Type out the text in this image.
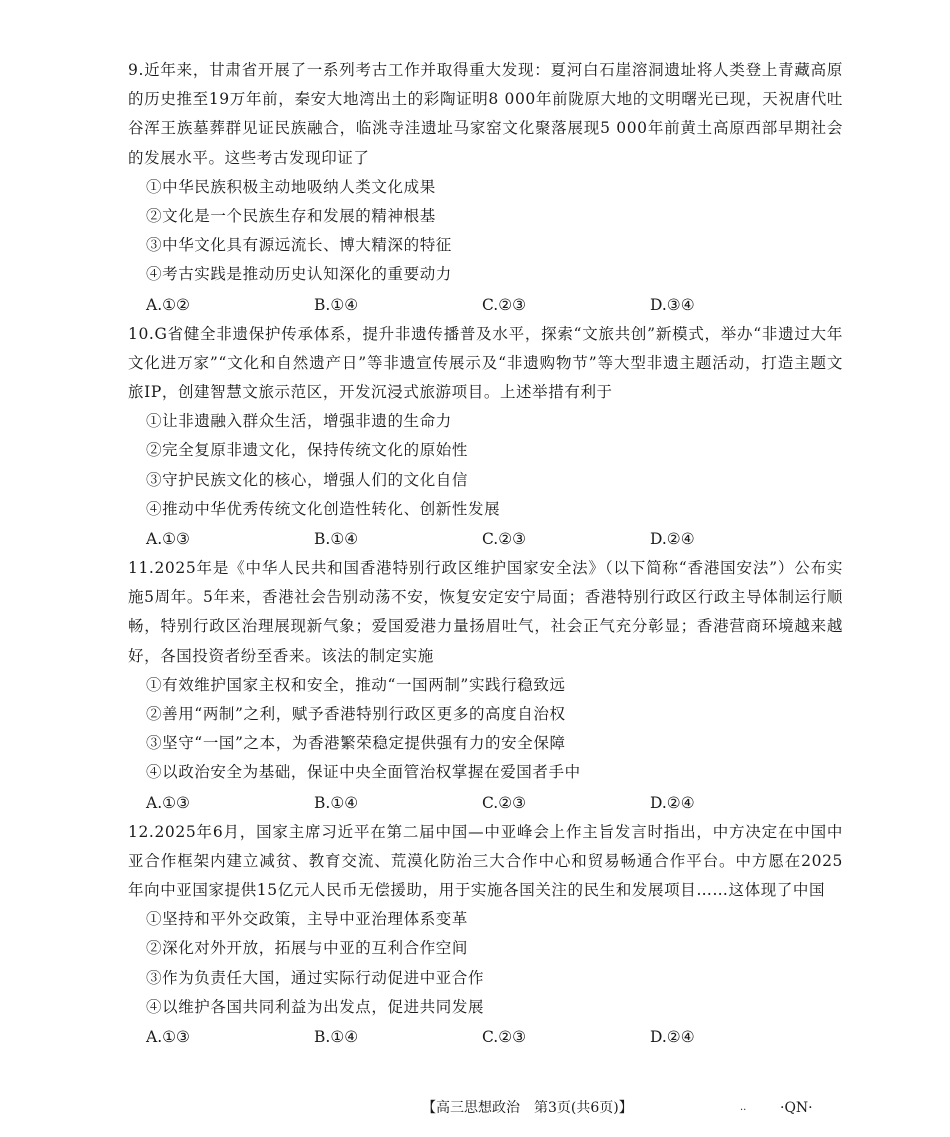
9.近年来，甘肃省开展了一系列考古工作并取得重大发现：夏河白石崖溶洞遗址将人类登上青藏高原的历史推至19万年前，秦安大地湾出土的彩陶证明8 000年前陇原大地的文明曙光已现，天祝唐代吐谷浑王族墓葬群见证民族融合，临洮寺洼遗址马家窑文化聚落展现5 000年前黄土高原西部早期社会的发展水平。这些考古发现印证了
①中华民族积极主动地吸纳人类文化成果
②文化是一个民族生存和发展的精神根基
③中华文化具有源远流长、博大精深的特征
④考古实践是推动历史认知深化的重要动力
A.①②	B.①④	C.②③	D.③④
10.G省健全非遗保护传承体系，提升非遗传播普及水平，探索“文旅共创”新模式，举办“非遗过大年 文化进万家”“文化和自然遗产日”等非遗宣传展示及“非遗购物节”等大型非遗主题活动，打造主题文旅IP，创建智慧文旅示范区，开发沉浸式旅游项目。上述举措有利于
①让非遗融入群众生活，增强非遗的生命力
②完全复原非遗文化，保持传统文化的原始性
③守护民族文化的核心，增强人们的文化自信
④推动中华优秀传统文化创造性转化、创新性发展
A.①③	B.①④	C.②③	D.②④
11.2025年是《中华人民共和国香港特别行政区维护国家安全法》（以下简称“香港国安法”）公布实施5周年。5年来，香港社会告别动荡不安，恢复安定安宁局面；香港特别行政区行政主导体制运行顺畅，特别行政区治理展现新气象；爱国爱港力量扬眉吐气，社会正气充分彰显；香港营商环境越来越好，各国投资者纷至香来。该法的制定实施
①有效维护国家主权和安全，推动“一国两制”实践行稳致远
②善用“两制”之利，赋予香港特别行政区更多的高度自治权
③坚守“一国”之本，为香港繁荣稳定提供强有力的安全保障
④以政治安全为基础，保证中央全面管治权掌握在爱国者手中
A.①③	B.①④	C.②③	D.②④
12.2025年6月，国家主席习近平在第二届中国—中亚峰会上作主旨发言时指出，中方决定在中国中亚合作框架内建立减贫、教育交流、荒漠化防治三大合作中心和贸易畅通合作平台。中方愿在2025年向中亚国家提供15亿元人民币无偿援助，用于实施各国关注的民生和发展项目……这体现了中国
①坚持和平外交政策，主导中亚治理体系变革
②深化对外开放，拓展与中亚的互利合作空间
③作为负责任大国，通过实际行动促进中亚合作
④以维护各国共同利益为出发点，促进共同发展
A.①③	B.①④	C.②③	D.②④
【高三思想政治　第3页(共6页)】	.. ·QN·
